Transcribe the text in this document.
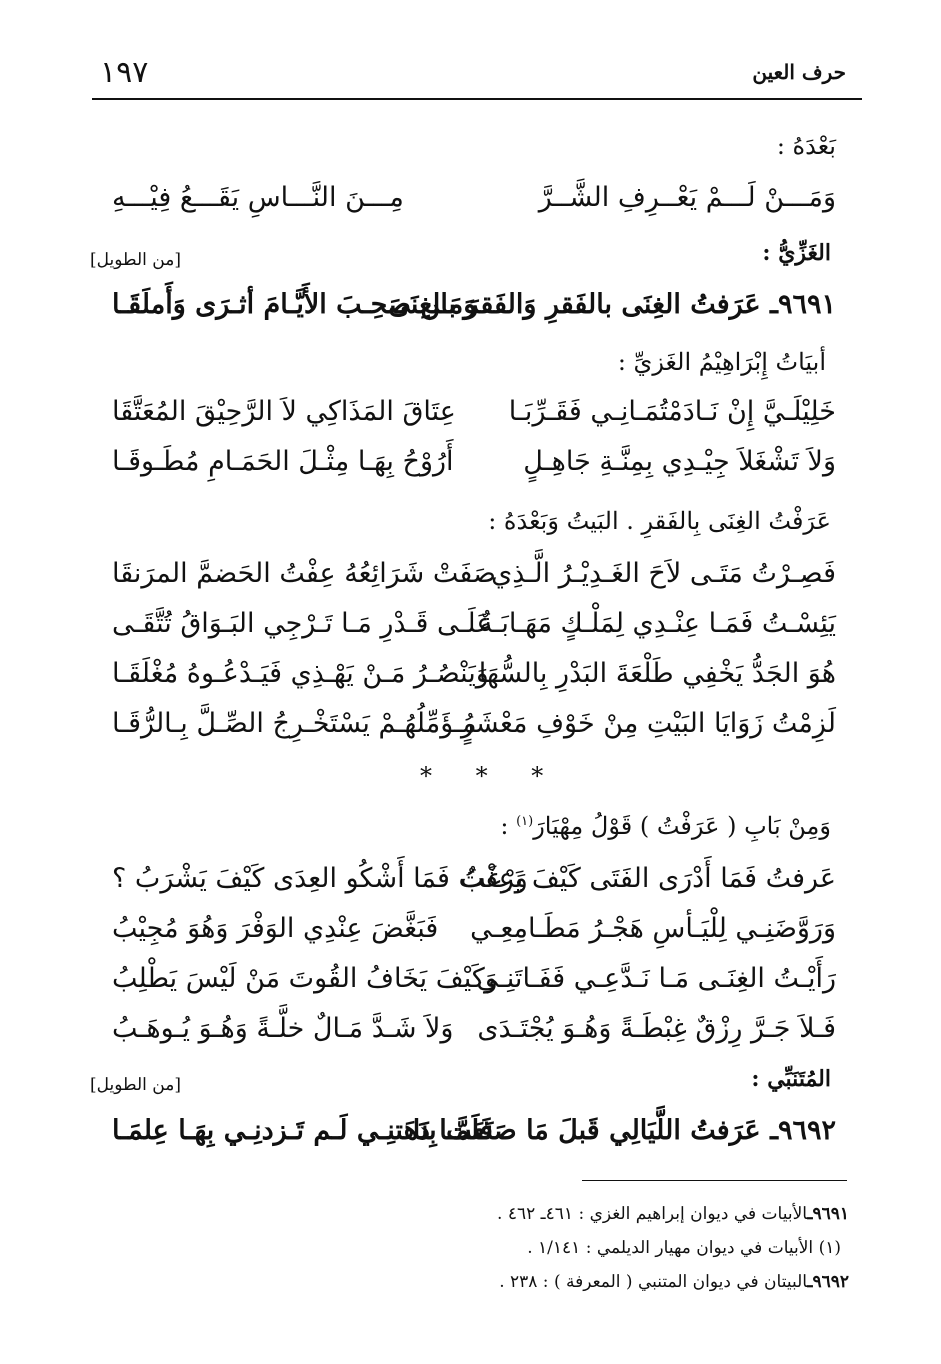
١٩٧	حرف العين
بَعْدَهُ :
وَمَـــنْ لَـــمْ يَعْــرِفِ الشَّــرَّ
مِـــنَ النَّـــاسِ يَقَـــعُ فِيْـــهِ
[من الطويل]	الغَزِّيُّ :
٩٦٩١ـ عَرَفتُ الغِنَى بالفَقرِ وَالفَقرَ بالغِنَى
وَمَـن صَحِـبَ الأَيَّـامَ أثـرَى وَأَملَقَـا
أبيَاتُ إِبْرَاهِيْمُ الغَزيِّ :
خَلِيْلَـيَّ إِنْ نَـادَمْتُمَـانِـي فَقَـرِّبَـا
عِتَاقَ المَذَاكِي لاَ الرَّحِيْقَ المُعَتَّقَا
وَلاَ تَشْغَلاَ جِيْـدِي بِمِنَّـةِ جَاهِـلٍ
أَرُوْحُ بِهَـا مِثْـلَ الحَمَـامِ مُطَـوقَـا
عَرَفْتُ الغِنَى بِالفَقرِ . البَيتُ وَبَعْدَهُ :
فَصِـرْتُ مَتَـى لاَحَ الغَـدِيْـرُ الَّـذِي
صَفَتْ شَرَائِعُهُ عِفْتُ الحَضمَّ المرَنقَا
يَئِسْـتُ فَمَـا عِنْـدِي لِمَلْـكٍ مَهَـابَـةٌ
عَلَـى قَـدْرِ مَـا تَـرْجِي البَـوَاقُ تُتَّقَـى
هُوَ الجَدُّ يَخْفِي طَلْعَةَ البَدْرِ بِالسُّهَا
وَيَنْصُـرُ مَـنْ يَهْـذِي فَيَـدْعُـوهُ مُغْلَقَـا
لَزِمْتُ زَوَايَا البَيْتِ مِنْ خَوْفِ مَعْشَرٍ
مُـؤَمِّلُهُـمْ يَسْتَخْـرِجُ الصِّـلَّ بِـالرُّقَـا
* * *
وَمِنْ بَابِ ( عَرَفْتُ ) قَوْلُ مِهْيَارَ$^{(١)}$ :
عَرفتُ فَمَا أَدْرَى الفَتَى كَيْفَ يَرْغَبُ
وَعِفْتُ فَمَا أَشْكُو العِدَى كَيْفَ يَشْرَبُ ؟
وَرَوَّضَنِـي لِلْيَـأسِ هَجْـرُ مَطَـامِعِـي
فَبَغَّضَ عِنْدِي الوَفْرَ وَهُوَ مُجِيْبُ
رَأَيْـتُ الغِنَـى مَـا نَـدَّعِـي فَفَـاتَنِـي
وَكَيْفَ يَخَافُ القُوتَ مَنْ لَيْسَ يَطْلِبُ
فَـلاَ جَـرَّ رِزْقٌ غِبْطَـةً وَهُـوَ يُجْتَـدَى
وَلاَ شَـدَّ مَـالٌ خلَّـةً وَهُـوَ يُـوهَـبُ
[من الطويل]	المُتَنَبِّي :
٩٦٩٢ـ عَرَفتُ اللَّيَالِي قَبلَ مَا صَنَعَت بِنَا
فَلَمَّـا دَهَتنِـي لَـم تَـزدنِـي بِهَـا عِلمَـا
٩٦٩١ـالأبيات في ديوان إبراهيم الغزي : ٤٦١ـ ٤٦٢ .
(١) الأبيات في ديوان مهيار الديلمي : ١/١٤١ .
٩٦٩٢ـالبيتان في ديوان المتنبي ( المعرفة ) : ٢٣٨ .
